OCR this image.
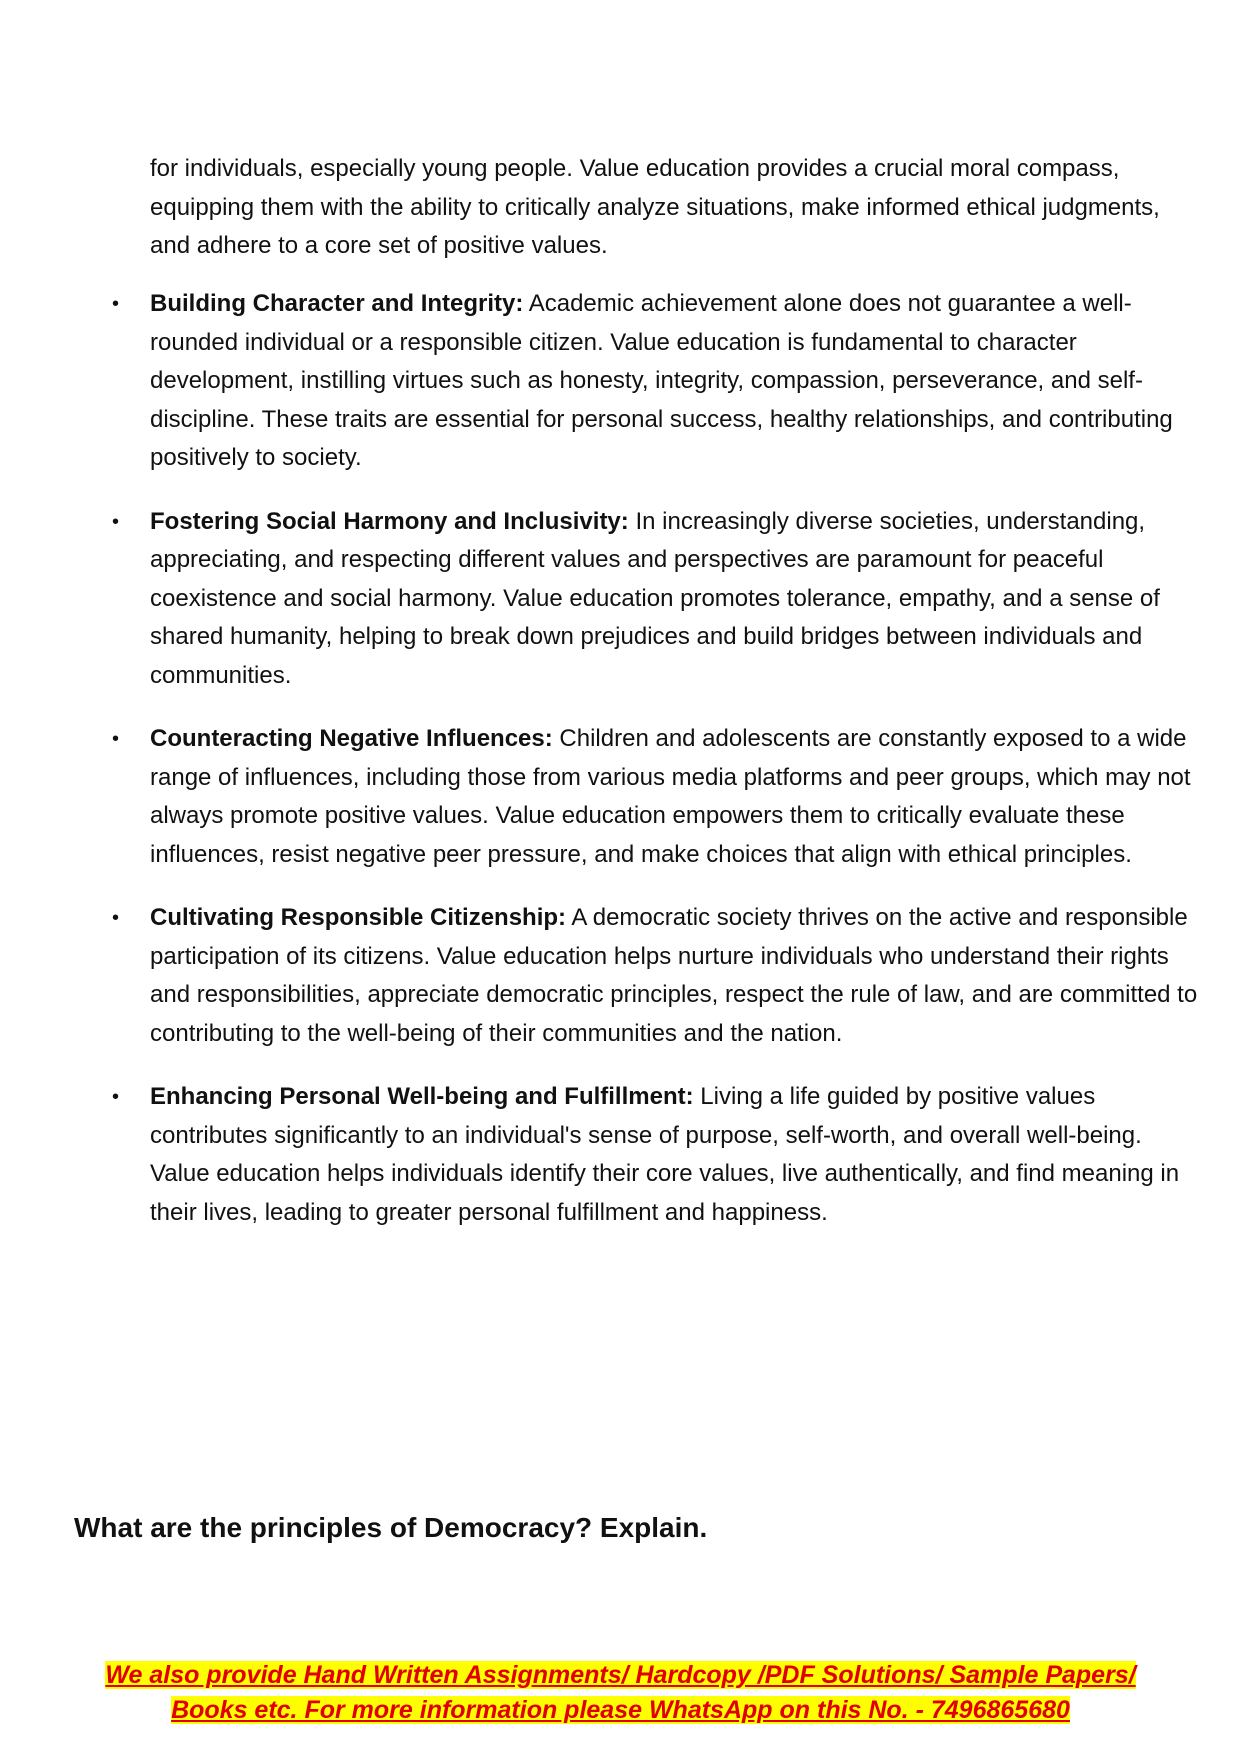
for individuals, especially young people. Value education provides a crucial moral compass, equipping them with the ability to critically analyze situations, make informed ethical judgments, and adhere to a core set of positive values.

• Building Character and Integrity: Academic achievement alone does not guarantee a well-rounded individual or a responsible citizen. Value education is fundamental to character development, instilling virtues such as honesty, integrity, compassion, perseverance, and self-discipline. These traits are essential for personal success, healthy relationships, and contributing positively to society.
• Fostering Social Harmony and Inclusivity: In increasingly diverse societies, understanding, appreciating, and respecting different values and perspectives are paramount for peaceful coexistence and social harmony. Value education promotes tolerance, empathy, and a sense of shared humanity, helping to break down prejudices and build bridges between individuals and communities.
• Counteracting Negative Influences: Children and adolescents are constantly exposed to a wide range of influences, including those from various media platforms and peer groups, which may not always promote positive values. Value education empowers them to critically evaluate these influences, resist negative peer pressure, and make choices that align with ethical principles.
• Cultivating Responsible Citizenship: A democratic society thrives on the active and responsible participation of its citizens. Value education helps nurture individuals who understand their rights and responsibilities, appreciate democratic principles, respect the rule of law, and are committed to contributing to the well-being of their communities and the nation.
• Enhancing Personal Well-being and Fulfillment: Living a life guided by positive values contributes significantly to an individual's sense of purpose, self-worth, and overall well-being. Value education helps individuals identify their core values, live authentically, and find meaning in their lives, leading to greater personal fulfillment and happiness.
What are the principles of Democracy? Explain.
We also provide Hand Written Assignments/ Hardcopy /PDF Solutions/ Sample Papers/
Books etc. For more information please WhatsApp on this No. - 7496865680
